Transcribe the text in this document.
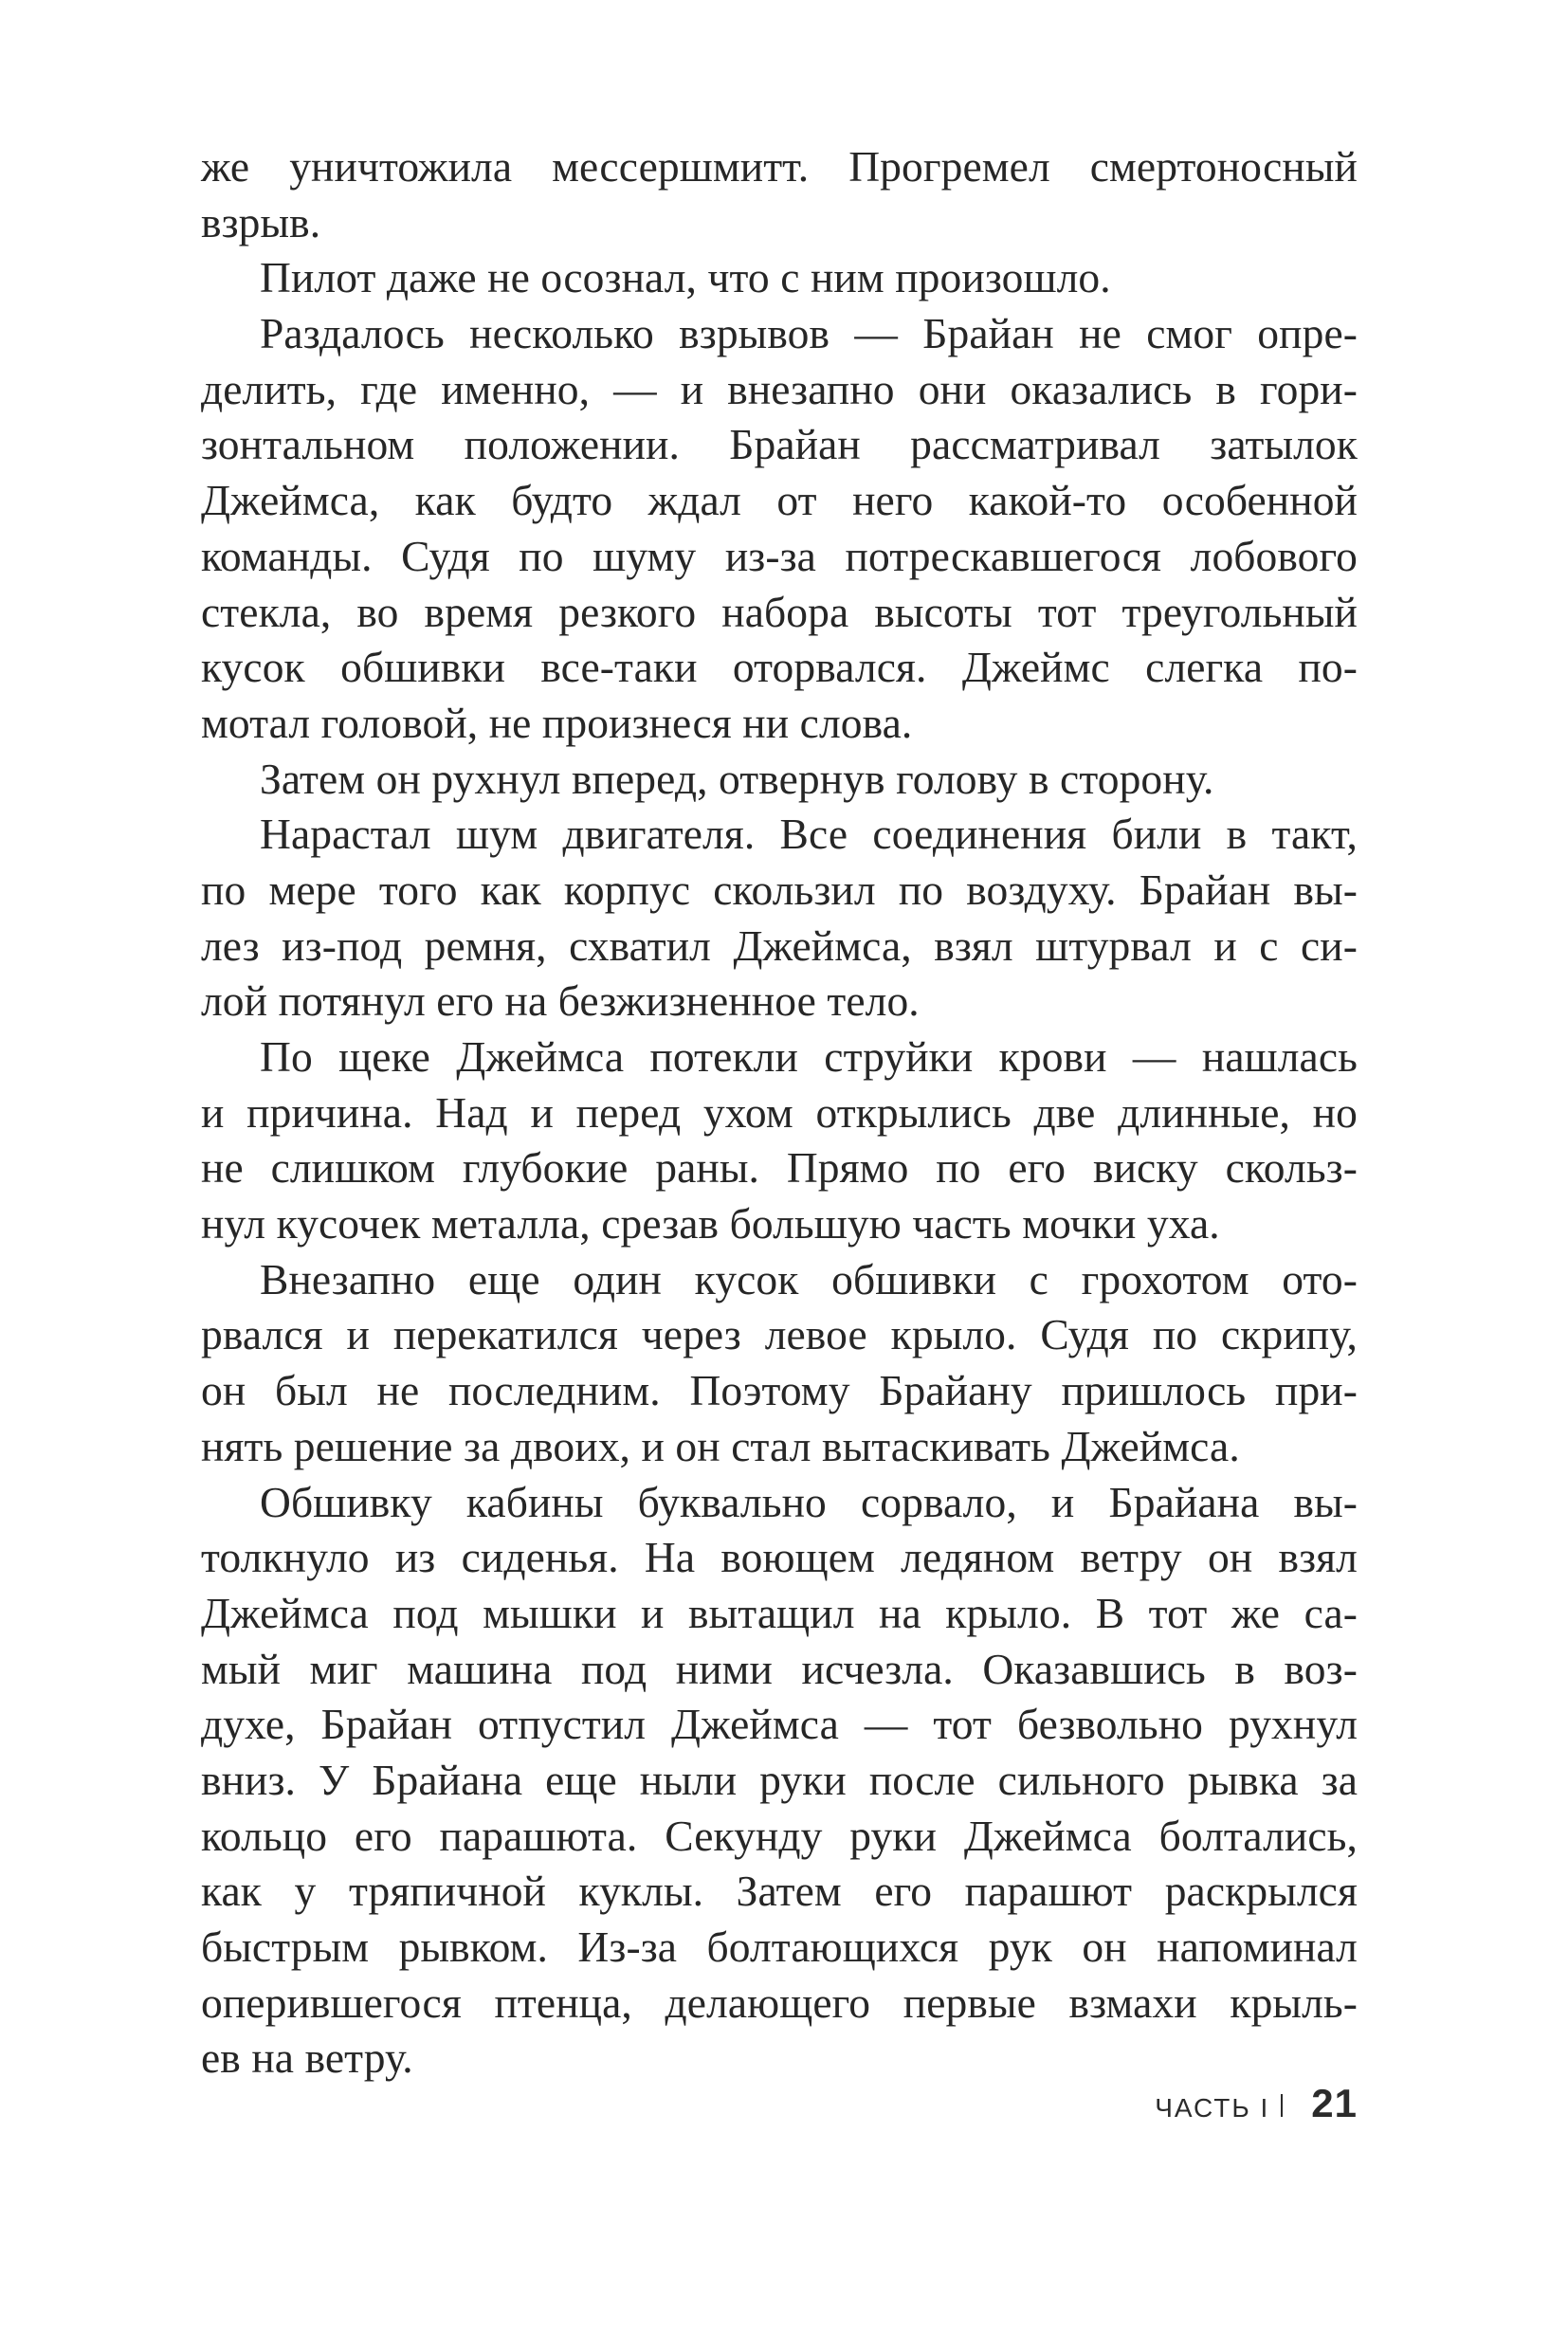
же уничтожила мессершмитт. Прогремел смертоносный
взрыв.
Пилот даже не осознал, что с ним произошло.
Раздалось несколько взрывов — Брайан не смог опре-
делить, где именно, — и внезапно они оказались в гори-
зонтальном положении. Брайан рассматривал затылок
Джеймса, как будто ждал от него какой-то особенной
команды. Судя по шуму из-за потрескавшегося лобового
стекла, во время резкого набора высоты тот треугольный
кусок обшивки все-таки оторвался. Джеймс слегка по-
мотал головой, не произнеся ни слова.
Затем он рухнул вперед, отвернув голову в сторону.
Нарастал шум двигателя. Все соединения били в такт,
по мере того как корпус скользил по воздуху. Брайан вы-
лез из-под ремня, схватил Джеймса, взял штурвал и с си-
лой потянул его на безжизненное тело.
По щеке Джеймса потекли струйки крови — нашлась
и причина. Над и перед ухом открылись две длинные, но
не слишком глубокие раны. Прямо по его виску скольз-
нул кусочек металла, срезав большую часть мочки уха.
Внезапно еще один кусок обшивки с грохотом ото-
рвался и перекатился через левое крыло. Судя по скрипу,
он был не последним. Поэтому Брайану пришлось при-
нять решение за двоих, и он стал вытаскивать Джеймса.
Обшивку кабины буквально сорвало, и Брайана вы-
толкнуло из сиденья. На воющем ледяном ветру он взял
Джеймса под мышки и вытащил на крыло. В тот же са-
мый миг машина под ними исчезла. Оказавшись в воз-
духе, Брайан отпустил Джеймса — тот безвольно рухнул
вниз. У Брайана еще ныли руки после сильного рывка за
кольцо его парашюта. Секунду руки Джеймса болтались,
как у тряпичной куклы. Затем его парашют раскрылся
быстрым рывком. Из-за болтающихся рук он напоминал
оперившегося птенца, делающего первые взмахи крыль-
ев на ветру.
ЧАСТЬ I 21
